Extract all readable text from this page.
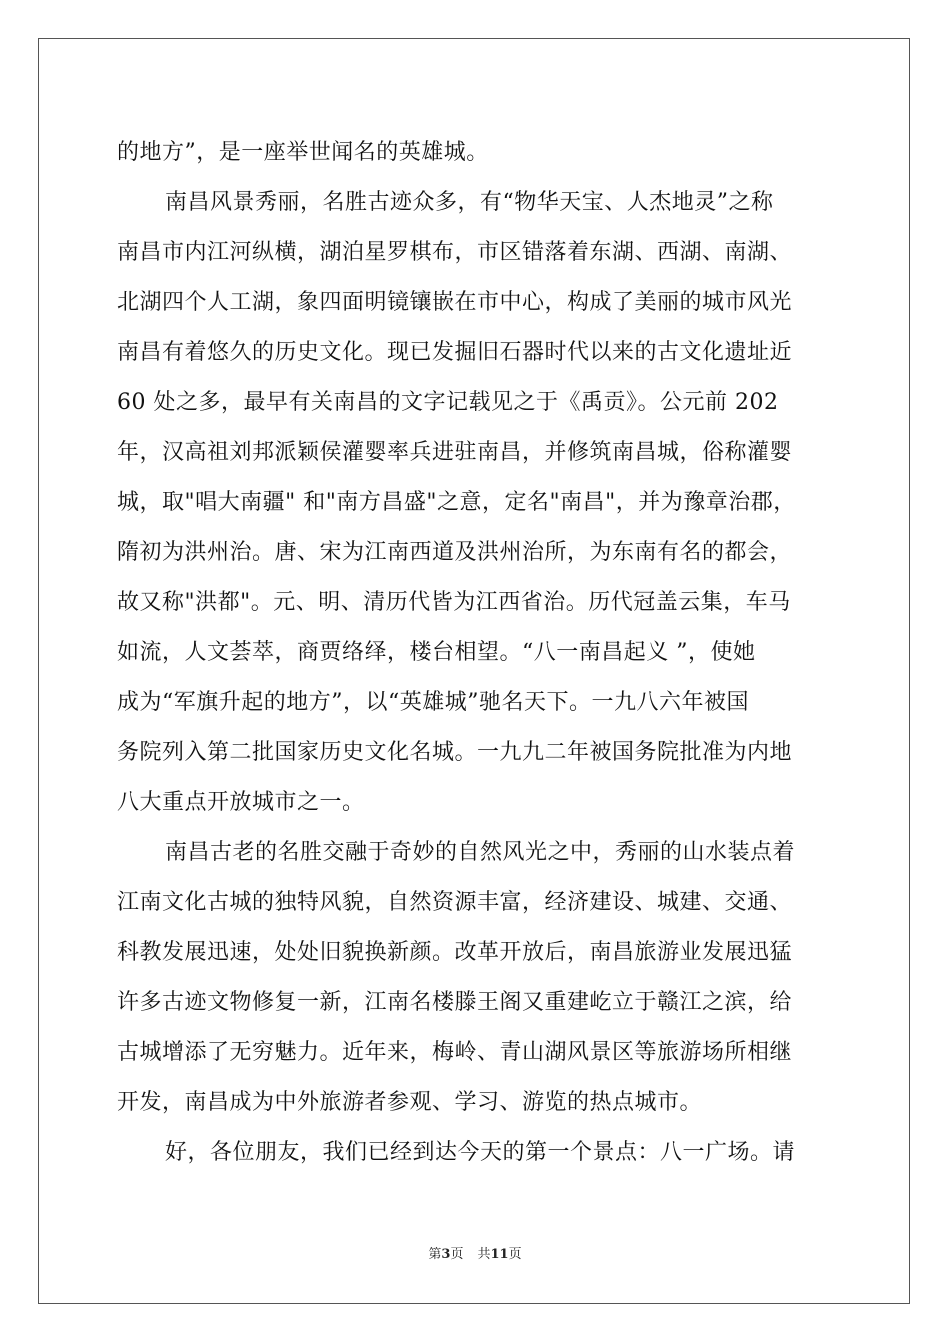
的地方”，是一座举世闻名的英雄城。
南昌风景秀丽，名胜古迹众多，有“物华天宝、人杰地灵”之称
南昌市内江河纵横，湖泊星罗棋布，市区错落着东湖、西湖、南湖、
北湖四个人工湖，象四面明镜镶嵌在市中心，构成了美丽的城市风光
南昌有着悠久的历史文化。现已发掘旧石器时代以来的古文化遗址近
60 处之多，最早有关南昌的文字记载见之于《禹贡》。公元前 202
年，汉高祖刘邦派颖侯灌婴率兵进驻南昌，并修筑南昌城，俗称灌婴
城，取"唱大南疆" 和"南方昌盛"之意，定名"南昌"，并为豫章治郡，
隋初为洪州治。唐、宋为江南西道及洪州治所，为东南有名的都会，
故又称"洪都"。元、明、清历代皆为江西省治。历代冠盖云集，车马
如流，人文荟萃，商贾络绎，楼台相望。“八一南昌起义 ”，使她
成为“军旗升起的地方”，以“英雄城”驰名天下。一九八六年被国
务院列入第二批国家历史文化名城。一九九二年被国务院批准为内地
八大重点开放城市之一。
南昌古老的名胜交融于奇妙的自然风光之中，秀丽的山水装点着
江南文化古城的独特风貌，自然资源丰富，经济建设、城建、交通、
科教发展迅速，处处旧貌换新颜。改革开放后，南昌旅游业发展迅猛
许多古迹文物修复一新，江南名楼滕王阁又重建屹立于赣江之滨，给
古城增添了无穷魅力。近年来，梅岭、青山湖风景区等旅游场所相继
开发，南昌成为中外旅游者参观、学习、游览的热点城市。
好，各位朋友，我们已经到达今天的第一个景点：八一广场。请
第3页 共11页
